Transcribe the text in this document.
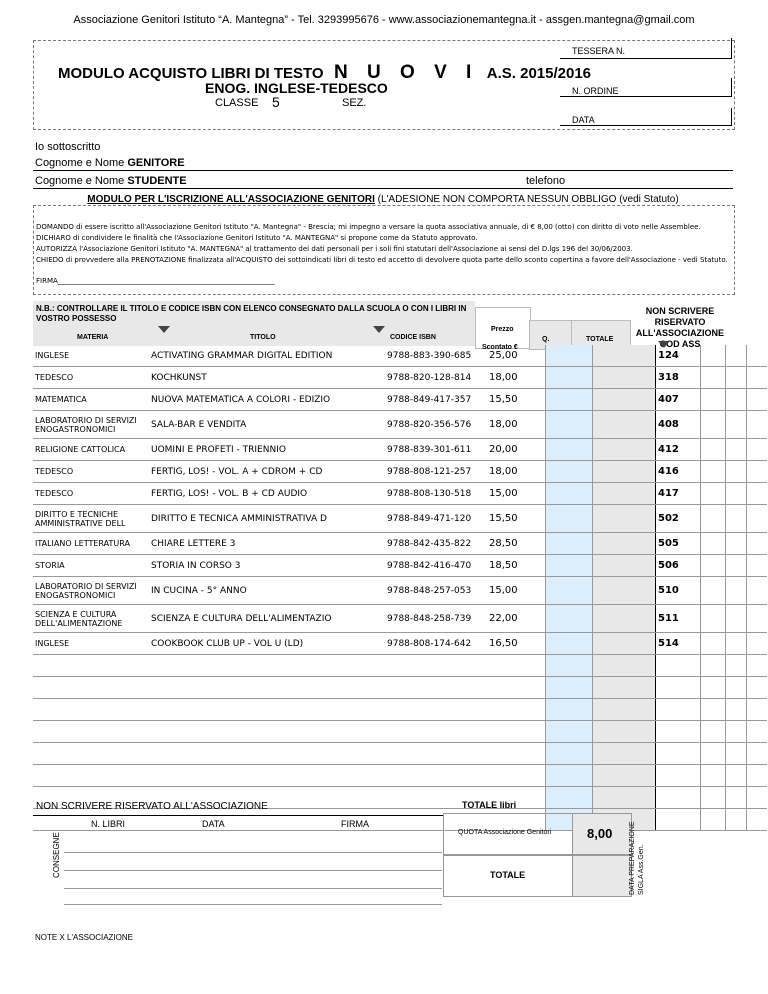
Associazione Genitori Istituto “A. Mantegna” - Tel. 3293995676 - www.associazionemantegna.it - assgen.mantegna@gmail.com
MODULO ACQUISTO LIBRI DI TESTO N U O V I A.S. 2015/2016
ENOG. INGLESE-TEDESCO
CLASSE 5	SEZ.
TESSERA N.
N. ORDINE
DATA
Io sottoscritto
Cognome e Nome GENITORE
Cognome e Nome STUDENTE	telefono
MODULO PER L'ISCRIZIONE ALL'ASSOCIAZIONE GENITORI (L'ADESIONE NON COMPORTA NESSUN OBBLIGO (vedi Statuto)

DOMANDO di essere iscritto all'Associazione Genitori Istituto "A. Mantegna" - Brescia; mi impegno a versare la quota associativa annuale, di € 8,00 (otto) con diritto di voto nelle Assemblee.

DICHIARO di condividere le finalità che l'Associazione Genitori Istituto "A. MANTEGNA" si propone come da Statuto approvato.

AUTORIZZA l'Associazione Genitori Istituto "A. MANTEGNA" al trattamento dei dati personali per i soli fini statutari dell'Associazione ai sensi del D.lgs 196 del 30/06/2003.

CHIEDO di provvedere alla PRENOTAZIONE finalizzata all'ACQUISTO dei sottoindicati libri di testo ed accetto di devolvere quota parte dello sconto copertina a favore dell'Associazione - vedi Statuto.

FIRMA______________________________________________________________

N.B.: CONTROLLARE IL TITOLO E CODICE ISBN CON ELENCO CONSEGNATO DALLA SCUOLA O CON I LIBRI IN VOSTRO POSSESSO
MATERIA	TITOLO	CODICE ISBN
Prezzo
Scontato €
Q.	TOTALE
NON SCRIVERE RISERVATO ALL'ASSOCIAZIONE COD ASS
INGLESE	ACTIVATING GRAMMAR DIGITAL EDITION	9788-883-390-685	25,00			124			
TEDESCO	KOCHKUNST	9788-820-128-814	18,00			318			
MATEMATICA	NUOVA MATEMATICA A COLORI - EDIZIO	9788-849-417-357	15,50			407			
LABORATORIO DI SERVIZI ENOGASTRONOMICI	SALA-BAR E VENDITA	9788-820-356-576	18,00			408			
RELIGIONE CATTOLICA	UOMINI E PROFETI - TRIENNIO	9788-839-301-611	20,00			412			
TEDESCO	FERTIG, LOS! - VOL. A + CDROM + CD	9788-808-121-257	18,00			416			
TEDESCO	FERTIG, LOS! - VOL. B + CD AUDIO	9788-808-130-518	15,00			417			
DIRITTO E TECNICHE AMMINISTRATIVE DELL	DIRITTO E TECNICA AMMINISTRATIVA D	9788-849-471-120	15,50			502			
ITALIANO LETTERATURA	CHIARE LETTERE 3	9788-842-435-822	28,50			505			
STORIA	STORIA IN CORSO 3	9788-842-416-470	18,50			506			
LABORATORIO DI SERVIZI ENOGASTRONOMICI	IN CUCINA - 5° ANNO	9788-848-257-053	15,00			510			
SCIENZA E CULTURA DELL'ALIMENTAZIONE	SCIENZA E CULTURA DELL'ALIMENTAZIO	9788-848-258-739	22,00			511			
INGLESE	COOKBOOK CLUB UP - VOL U (LD)	9788-808-174-642	16,50			514			

NON SCRIVERE RISERVATO ALL'ASSOCIAZIONE	TOTALE libri
N. LIBRI	DATA	FIRMA
CONSEGNE	QUOTA Associazione Genitori	8,00
TOTALE	DATA PREPARAZIONE SIGLA Ass.Gen.
NOTE X L'ASSOCIAZIONE
